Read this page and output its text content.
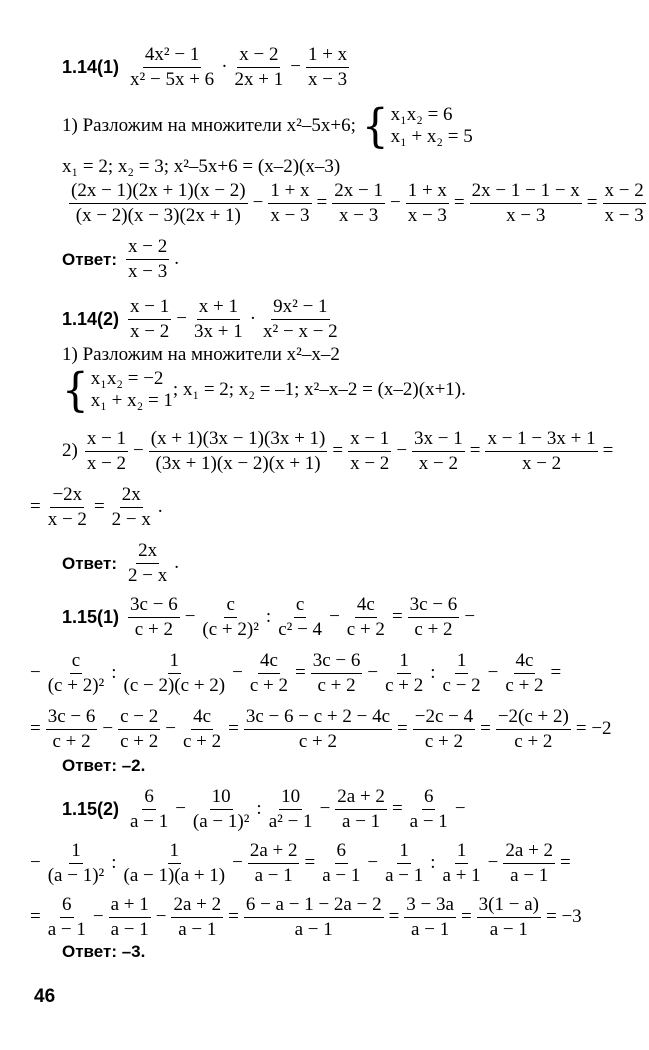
$1.14(1) \frac{\text{4x² − 1}}{\text{x² − 5x + 6}} \cdot \frac{x - 2}{2x + 1} - \frac{1 + x}{x - 3}$
1) Разложим на множители x²–5x+6; { x₁x₂ = 6
x₁ + x₂ = 5
x₁ = 2; x₂ = 3; x²–5x+6 = (x–2)(x–3)
$\frac{(2x - 1)(2x + 1)(x - 2)}{(x - 2)(x - 3)(2x + 1)} - \frac{1 + x}{x - 3} = \frac{2x - 1}{x - 3} - \frac{1 + x}{x - 3} = \frac{2x - 1 - 1 - x}{x - 3} = \frac{x - 2}{x - 3}$
Ответ: $\frac{x - 2}{x - 3}$ .
$1.14(2) \frac{x - 1}{x - 2} - \frac{x + 1}{3x + 1} \cdot \frac{\text{9x² − 1}}{\text{x² − x − 2}}$
1) Разложим на множители x²–x–2
{ x₁x₂ = −2
x₁ + x₂ = 1
; x₁ = 2; x₂ = –1; x²–x–2 = (x–2)(x+1).
$2) \frac{x - 1}{x - 2} - \frac{(x + 1)(3x - 1)(3x + 1)}{(3x + 1)(x - 2)(x + 1)} = \frac{x - 1}{x - 2} - \frac{3x - 1}{x - 2} = \frac{x - 1 - 3x + 1}{x - 2}$ =
= $\frac{-2x}{x - 2} = \frac{2x}{2 - x}$ .
Ответ: $\frac{2x}{2 - x}$ .
$1.15(1) \frac{3c - 6}{c + 2} - \frac{c}{\text{(c + 2)²}}$ : $\frac{c}{\text{c² − 4}} - \frac{4c}{c + 2} = \frac{3c - 6}{c + 2}$ −
− $\frac{c}{\text{(c + 2)²}}$ : $\frac{1}{(c - 2)(c + 2)} - \frac{4c}{c + 2} = \frac{3c - 6}{c + 2} - \frac{1}{c + 2}$ : $\frac{1}{c - 2} - \frac{4c}{c + 2}$ =
= $\frac{3c - 6}{c + 2} - \frac{c - 2}{c + 2} - \frac{4c}{c + 2} = \frac{3c - 6 - c + 2 - 4c}{c + 2} = \frac{-2c - 4}{c + 2} = \frac{-2(c + 2)}{c + 2} = -2$
Ответ: –2.
$1.15(2) \frac{6}{a - 1} - \frac{10}{\text{(a − 1)²}}$ : $\frac{10}{\text{a² − 1}} - \frac{2a + 2}{a - 1} = \frac{6}{a - 1}$ −
− $\frac{1}{\text{(a − 1)²}}$ : $\frac{1}{(a - 1)(a + 1)} - \frac{2a + 2}{a - 1} = \frac{6}{a - 1} - \frac{1}{a - 1}$ : $\frac{1}{a + 1} - \frac{2a + 2}{a - 1}$ =
= $\frac{6}{a - 1} - \frac{a + 1}{a - 1} - \frac{2a + 2}{a - 1} = \frac{6 - a - 1 - 2a - 2}{a - 1} = \frac{3 - 3a}{a - 1} = \frac{3(1 - a)}{a - 1} = -3$
Ответ: –3.
46
